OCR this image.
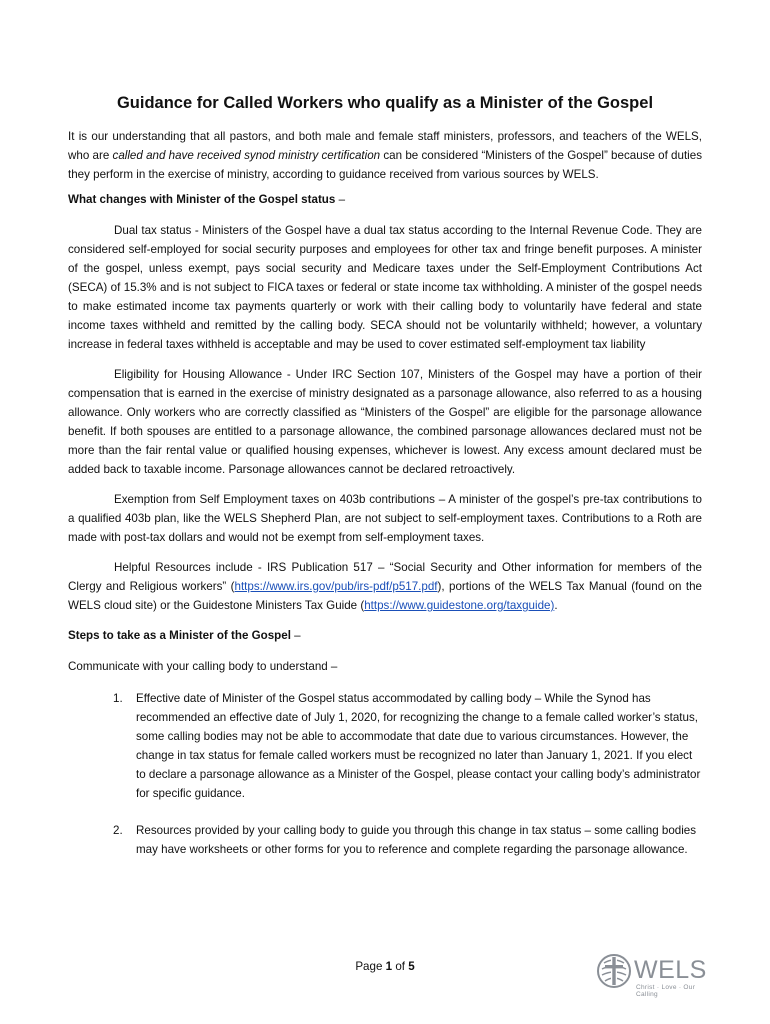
Guidance for Called Workers who qualify as a Minister of the Gospel

It is our understanding that all pastors, and both male and female staff ministers, professors, and teachers of the WELS, who are called and have received synod ministry certification can be considered “Ministers of the Gospel” because of duties they perform in the exercise of ministry, according to guidance received from various sources by WELS.

What changes with Minister of the Gospel status –

Dual tax status - Ministers of the Gospel have a dual tax status according to the Internal Revenue Code. They are considered self-employed for social security purposes and employees for other tax and fringe benefit purposes. A minister of the gospel, unless exempt, pays social security and Medicare taxes under the Self-Employment Contributions Act (SECA) of 15.3% and is not subject to FICA taxes or federal or state income tax withholding. A minister of the gospel needs to make estimated income tax payments quarterly or work with their calling body to voluntarily have federal and state income taxes withheld and remitted by the calling body. SECA should not be voluntarily withheld; however, a voluntary increase in federal taxes withheld is acceptable and may be used to cover estimated self-employment tax liability

Eligibility for Housing Allowance - Under IRC Section 107, Ministers of the Gospel may have a portion of their compensation that is earned in the exercise of ministry designated as a parsonage allowance, also referred to as a housing allowance. Only workers who are correctly classified as “Ministers of the Gospel” are eligible for the parsonage allowance benefit. If both spouses are entitled to a parsonage allowance, the combined parsonage allowances declared must not be more than the fair rental value or qualified housing expenses, whichever is lowest. Any excess amount declared must be added back to taxable income. Parsonage allowances cannot be declared retroactively.

Exemption from Self Employment taxes on 403b contributions – A minister of the gospel’s pre-tax contributions to a qualified 403b plan, like the WELS Shepherd Plan, are not subject to self-employment taxes. Contributions to a Roth are made with post-tax dollars and would not be exempt from self-employment taxes.

Helpful Resources include - IRS Publication 517 – “Social Security and Other information for members of the Clergy and Religious workers” (https://www.irs.gov/pub/irs-pdf/p517.pdf), portions of the WELS Tax Manual (found on the WELS cloud site) or the Guidestone Ministers Tax Guide (https://www.guidestone.org/taxguide).

Steps to take as a Minister of the Gospel –

Communicate with your calling body to understand –

1. Effective date of Minister of the Gospel status accommodated by calling body – While the Synod has recommended an effective date of July 1, 2020, for recognizing the change to a female called worker’s status, some calling bodies may not be able to accommodate that date due to various circumstances. However, the change in tax status for female called workers must be recognized no later than January 1, 2021. If you elect to declare a parsonage allowance as a Minister of the Gospel, please contact your calling body’s administrator for specific guidance.
2. Resources provided by your calling body to guide you through this change in tax status – some calling bodies may have worksheets or other forms for you to reference and complete regarding the parsonage allowance.
Page 1 of 5	WELS
Christ · Love · Our Calling
